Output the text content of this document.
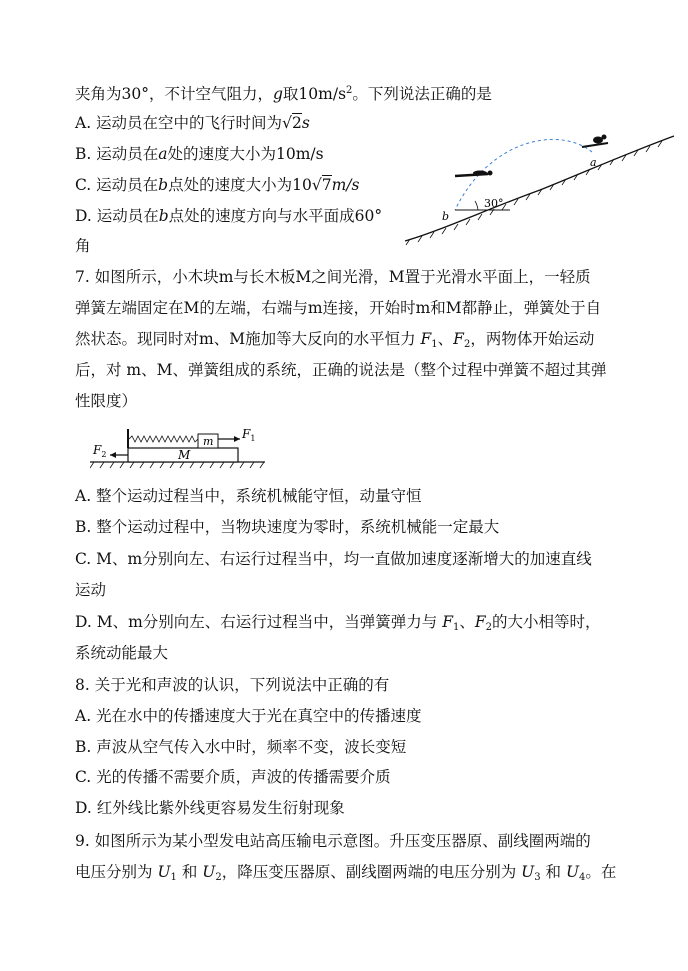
夹角为30°，不计空气阻力，g取$10m/s^2$。下列说法正确的是
A. 运动员在空中的飞行时间为√2s
B. 运动员在a处的速度大小为10m/s
C. 运动员在b点处的速度大小为10√7m/s
D. 运动员在b点处的速度方向与水平面成60°
角
30°
a
b
7. 如图所示，小木块m与长木板M之间光滑，M置于光滑水平面上，一轻质
弹簧左端固定在M的左端，右端与m连接，开始时m和M都静止，弹簧处于自
然状态。现同时对m、M施加等大反向的水平恒力 $F_1$、$F_2$，两物体开始运动
后，对 m、M、弹簧组成的系统，正确的说法是（整个过程中弹簧不超过其弹
性限度）
m
M
$F_1$
$F_2$
A. 整个运动过程当中，系统机械能守恒，动量守恒
B. 整个运动过程中，当物块速度为零时，系统机械能一定最大
C. M、m分别向左、右运行过程当中，均一直做加速度逐渐增大的加速直线
运动
D. M、m分别向左、右运行过程当中，当弹簧弹力与 $F_1$、$F_2$的大小相等时，
系统动能最大
8. 关于光和声波的认识，下列说法中正确的有
A. 光在水中的传播速度大于光在真空中的传播速度
B. 声波从空气传入水中时，频率不变，波长变短
C. 光的传播不需要介质，声波的传播需要介质
D. 红外线比紫外线更容易发生衍射现象
9. 如图所示为某小型发电站高压输电示意图。升压变压器原、副线圈两端的
电压分别为 $U_1$ 和 $U_2$，降压变压器原、副线圈两端的电压分别为 $U_3$ 和 $U_4$。在
